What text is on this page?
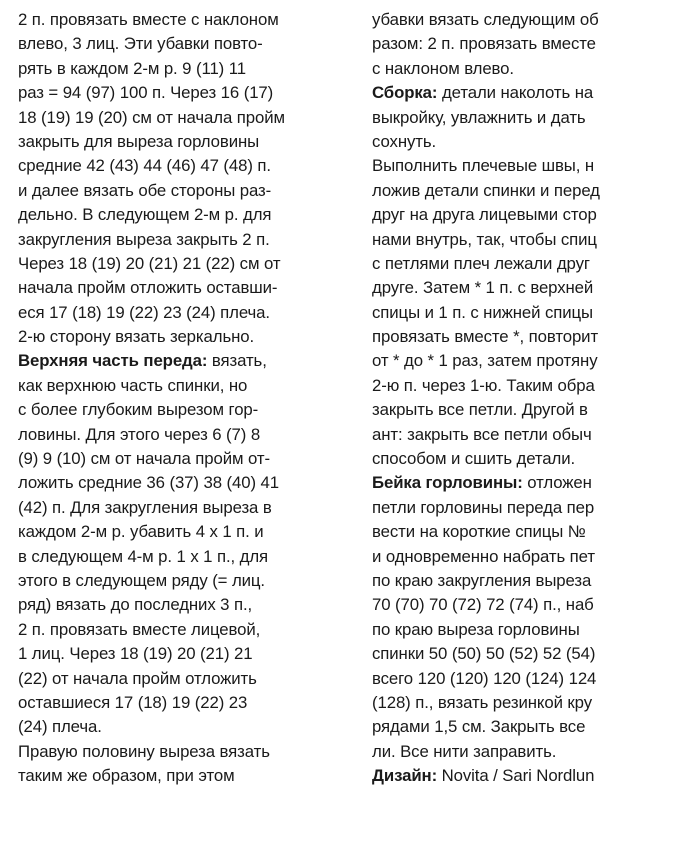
2 п. провязать вместе с наклоном
влево, 3 лиц. Эти убавки повто-
рять в каждом 2-м р. 9 (11) 11
раз = 94 (97) 100 п. Через 16 (17)
18 (19) 19 (20) см от начала пройм
закрыть для выреза горловины
средние 42 (43) 44 (46) 47 (48) п.
и далее вязать обе стороны раз-
дельно. В следующем 2-м р. для
закругления выреза закрыть 2 п.
Через 18 (19) 20 (21) 21 (22) см от
начала пройм отложить оставши-
еся 17 (18) 19 (22) 23 (24) плеча.
2-ю сторону вязать зеркально.
Верхняя часть переда: вязать,
как верхнюю часть спинки, но
с более глубоким вырезом гор-
ловины. Для этого через 6 (7) 8
(9) 9 (10) см от начала пройм от-
ложить средние 36 (37) 38 (40) 41
(42) п. Для закругления выреза в
каждом 2-м р. убавить 4 х 1 п. и
в следующем 4-м р. 1 х 1 п., для
этого в следующем ряду (= лиц.
ряд) вязать до последних 3 п.,
2 п. провязать вместе лицевой,
1 лиц. Через 18 (19) 20 (21) 21
(22) от начала пройм отложить
оставшиеся 17 (18) 19 (22) 23
(24) плеча.
Правую половину выреза вязать
таким же образом, при этом
убавки вязать следующим об
разом: 2 п. провязать вместе
с наклоном влево.
Сборка: детали наколоть на
выкройку, увлажнить и дать
сохнуть.
Выполнить плечевые швы, н
ложив детали спинки и перед
друг на друга лицевыми стор
нами внутрь, так, чтобы спиц
с петлями плеч лежали друг
друге. Затем * 1 п. с верхней
спицы и 1 п. с нижней спицы
провязать вместе *, повторит
от * до * 1 раз, затем протяну
2-ю п. через 1-ю. Таким обра
закрыть все петли. Другой в
ант: закрыть все петли обыч
способом и сшить детали.
Бейка горловины: отложен
петли горловины переда пер
вести на короткие спицы №
и одновременно набрать пет
по краю закругления выреза
70 (70) 70 (72) 72 (74) п., наб
по краю выреза горловины
спинки 50 (50) 50 (52) 52 (54)
всего 120 (120) 120 (124) 124
(128) п., вязать резинкой кру
рядами 1,5 см. Закрыть все
ли. Все нити заправить.
Дизайн: Novita / Sari Nordlun
